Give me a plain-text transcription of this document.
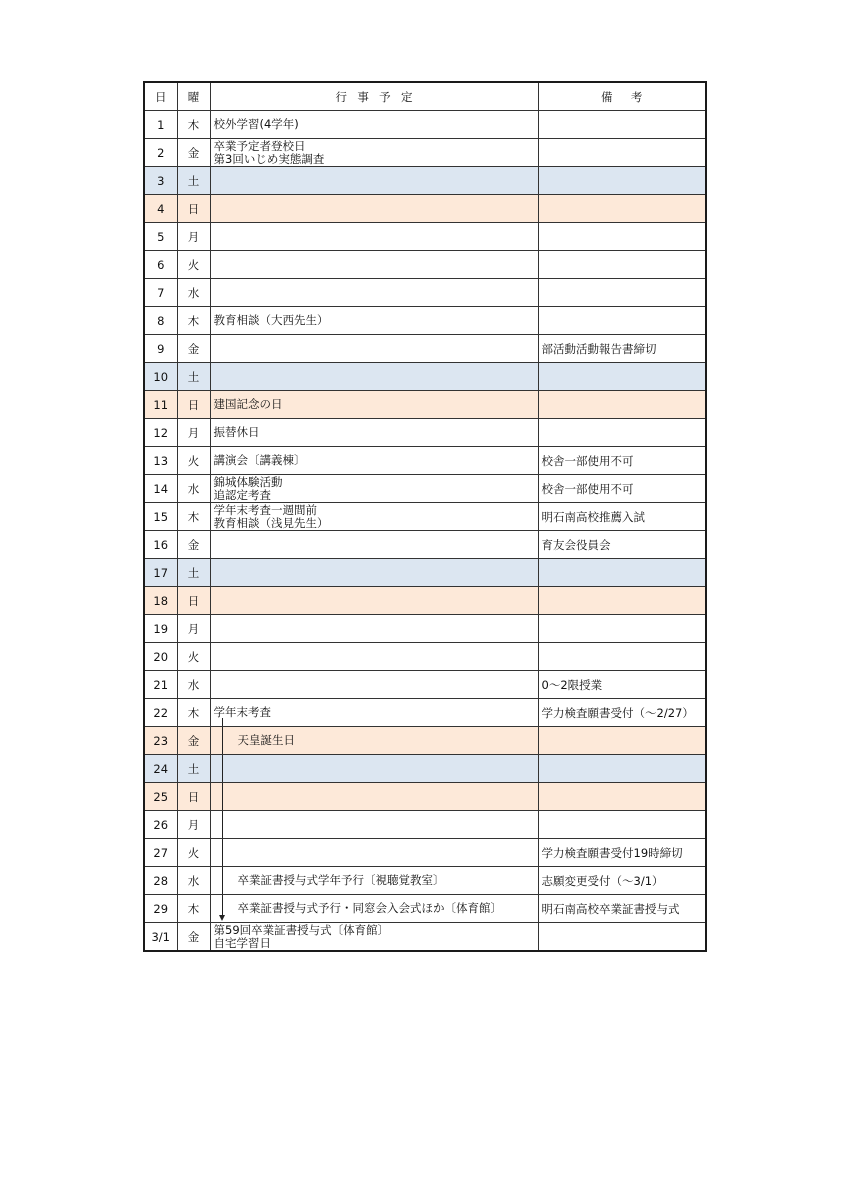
日	曜	行事予定	備考
1	木	校外学習(4学年)	

2	金	卒業予定者登校日
第3回いじめ実態調査	

3	土		
4	日		
5	月		
6	火		
7	水		
8	木	教育相談（大西先生）	

9	金		部活動活動報告書締切
10	土		
11	日	建国記念の日	

12	月	振替休日	

13	火	講演会〔講義棟〕	校舎一部使用不可
14	水	錦城体験活動
追認定考査	校舎一部使用不可
15	木	学年末考査一週間前
教育相談（浅見先生）	明石南高校推薦入試
16	金		育友会役員会
17	土		
18	日		
19	月		
20	火		
21	水		0～2限授業
22	木	学年末考査	学力検査願書受付（～2/27）
23	金	天皇誕生日	

24	土	

25	日	

26	月	

27	火		学力検査願書受付19時締切
28	水	卒業証書授与式学年予行〔視聴覚教室〕	志願変更受付（～3/1）
29	木	卒業証書授与式予行・同窓会入会式ほか〔体育館〕	明石南高校卒業証書授与式
3/1	金	第59回卒業証書授与式〔体育館〕
自宅学習日	
